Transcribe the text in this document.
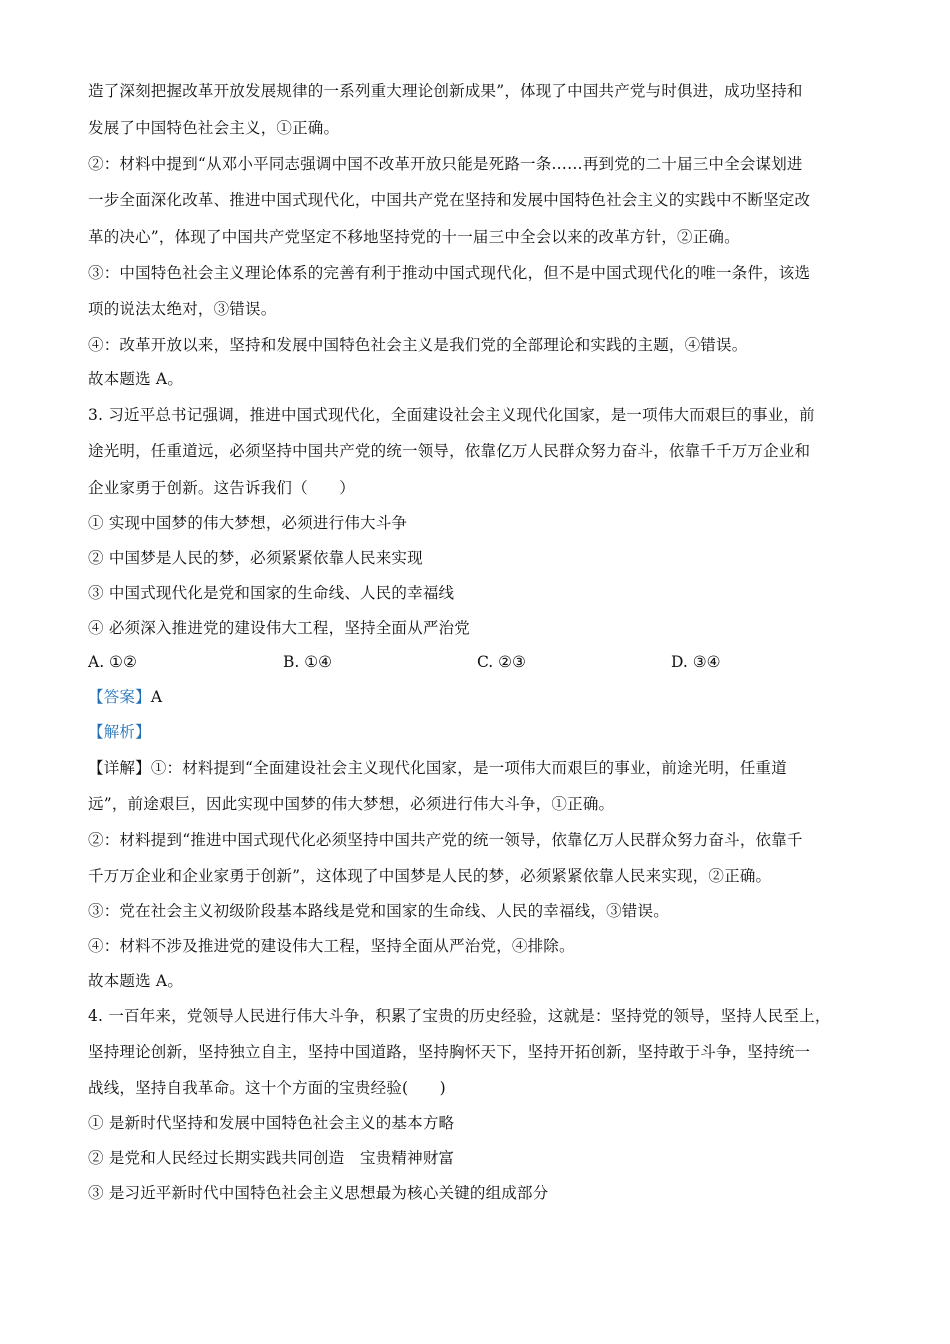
造了深刻把握改革开放发展规律的一系列重大理论创新成果”，体现了中国共产党与时俱进，成功坚持和
发展了中国特色社会主义，①正确。
②：材料中提到“从邓小平同志强调中国不改革开放只能是死路一条……再到党的二十届三中全会谋划进
一步全面深化改革、推进中国式现代化，中国共产党在坚持和发展中国特色社会主义的实践中不断坚定改
革的决心”，体现了中国共产党坚定不移地坚持党的十一届三中全会以来的改革方针，②正确。
③：中国特色社会主义理论体系的完善有利于推动中国式现代化，但不是中国式现代化的唯一条件，该选
项的说法太绝对，③错误。
④：改革开放以来，坚持和发展中国特色社会主义是我们党的全部理论和实践的主题，④错误。
故本题选 A。
3. 习近平总书记强调，推进中国式现代化，全面建设社会主义现代化国家，是一项伟大而艰巨的事业，前
途光明，任重道远，必须坚持中国共产党的统一领导，依靠亿万人民群众努力奋斗，依靠千千万万企业和
企业家勇于创新。这告诉我们（　　）
① 实现中国梦的伟大梦想，必须进行伟大斗争
② 中国梦是人民的梦，必须紧紧依靠人民来实现
③ 中国式现代化是党和国家的生命线、人民的幸福线
④ 必须深入推进党的建设伟大工程，坚持全面从严治党
A. ①②	B. ①④	C. ②③	D. ③④
【答案】A
【解析】
【详解】①：材料提到“全面建设社会主义现代化国家，是一项伟大而艰巨的事业，前途光明，任重道
远”，前途艰巨，因此实现中国梦的伟大梦想，必须进行伟大斗争，①正确。
②：材料提到“推进中国式现代化必须坚持中国共产党的统一领导，依靠亿万人民群众努力奋斗，依靠千
千万万企业和企业家勇于创新”，这体现了中国梦是人民的梦，必须紧紧依靠人民来实现，②正确。
③：党在社会主义初级阶段基本路线是党和国家的生命线、人民的幸福线，③错误。
④：材料不涉及推进党的建设伟大工程，坚持全面从严治党，④排除。
故本题选 A。
4. 一百年来，党领导人民进行伟大斗争，积累了宝贵的历史经验，这就是：坚持党的领导，坚持人民至上，
坚持理论创新，坚持独立自主，坚持中国道路，坚持胸怀天下，坚持开拓创新，坚持敢于斗争，坚持统一
战线，坚持自我革命。这十个方面的宝贵经验(　　)
① 是新时代坚持和发展中国特色社会主义的基本方略
② 是党和人民经过长期实践共同创造　宝贵精神财富
③ 是习近平新时代中国特色社会主义思想最为核心关键的组成部分
